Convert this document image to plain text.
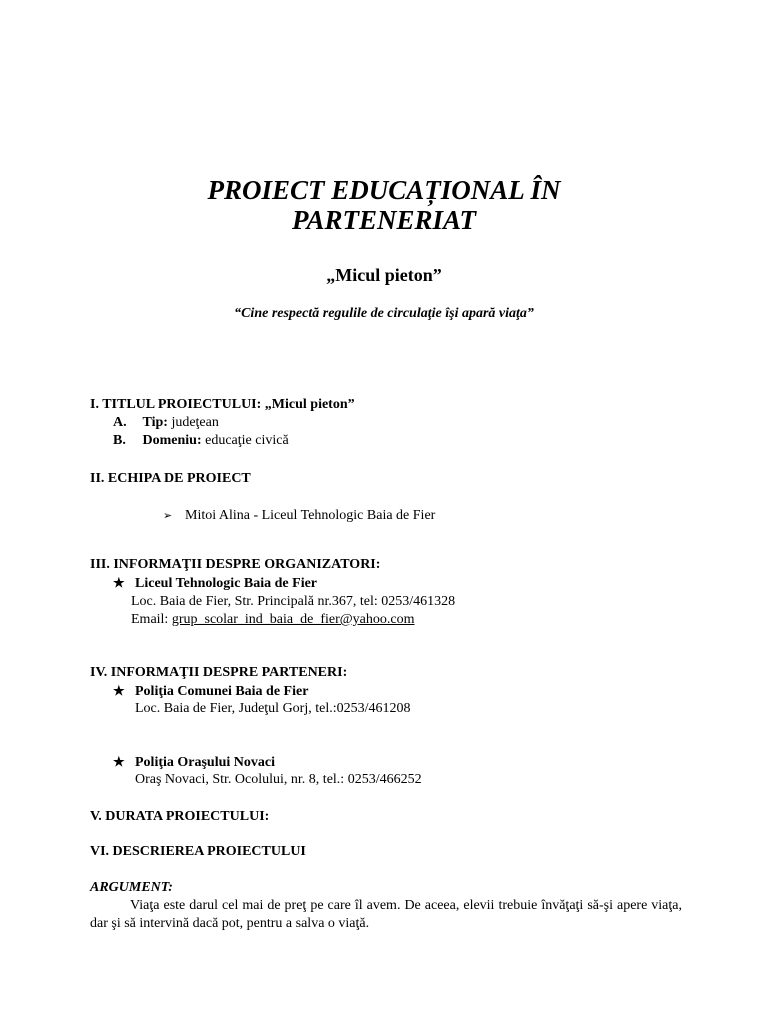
PROIECT EDUCAȚIONAL ÎN
PARTENERIAT
„Micul pieton”
“Cine respectă regulile de circulaţie îşi apară viaţa”
I. TITLUL PROIECTULUI: „Micul pieton”
A. Tip: judeţean
B. Domeniu: educaţie civică
II. ECHIPA DE PROIECT
➢ Mitoi Alina - Liceul Tehnologic Baia de Fier
III. INFORMAŢII DESPRE ORGANIZATORI:
★ Liceul Tehnologic Baia de Fier
Loc. Baia de Fier, Str. Principală nr.367, tel: 0253/461328
Email: grup_scolar_ind_baia_de_fier@yahoo.com
IV. INFORMAŢII DESPRE PARTENERI:
★ Poliţia Comunei Baia de Fier
Loc. Baia de Fier, Judeţul Gorj, tel.:0253/461208
★ Poliţia Oraşului Novaci
Oraş Novaci, Str. Ocolului, nr. 8, tel.: 0253/466252
V. DURATA PROIECTULUI:
VI. DESCRIEREA PROIECTULUI
ARGUMENT:
Viaţa este darul cel mai de preţ pe care îl avem. De aceea, elevii trebuie învăţaţi să-şi apere viaţa, dar şi să intervină dacă pot, pentru a salva o viaţă.
